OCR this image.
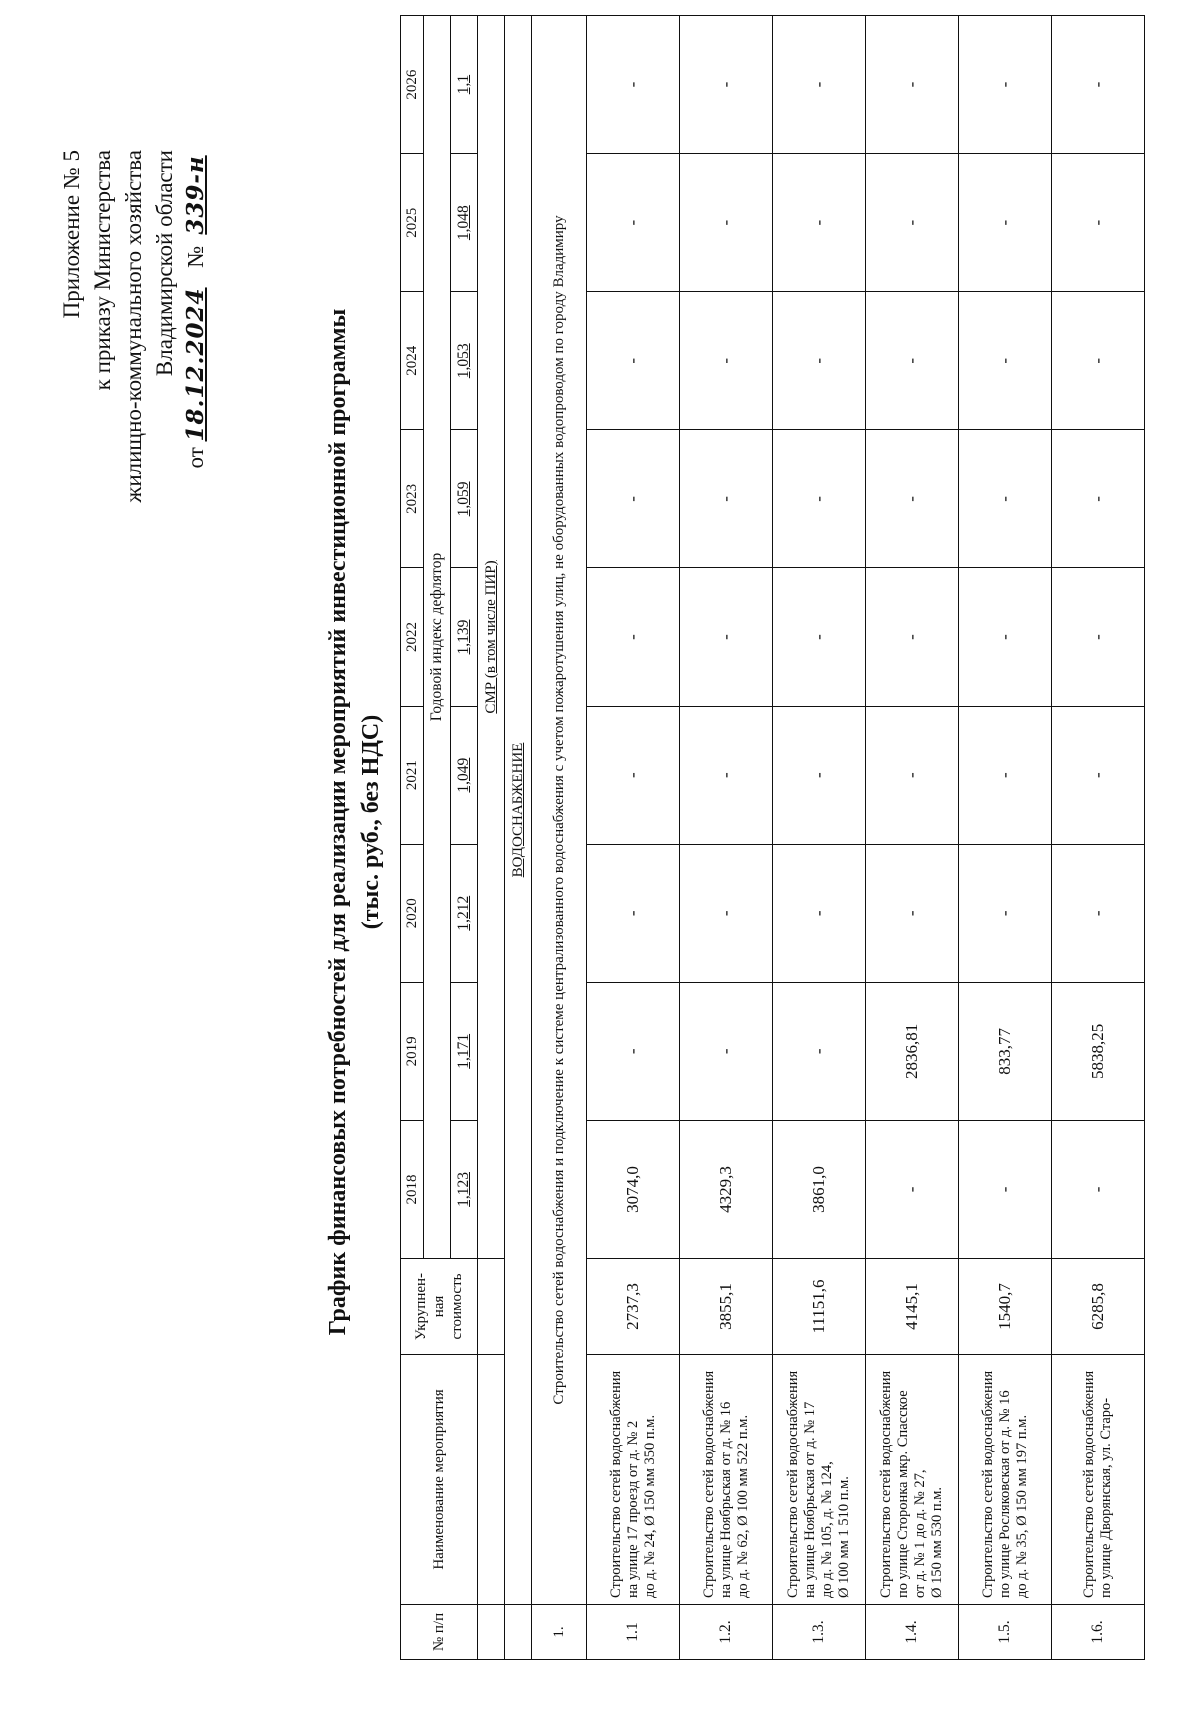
Приложение № 5 к приказу Министерства жилищно-коммунального хозяйства Владимирской области
от 18.12.2024 № 339-н
График финансовых потребностей для реализации мероприятий инвестиционной программы (тыс. руб., без НДС)
№ п/п	Наименование мероприятия	Укрупнен-ная стоимость	2018	2019	2020	2021	2022	2023	2024	2025	2026
			Годовой индекс дефлятор								
			1,123	1,171	1,212	1,049	1,139	1,059	1,053	1,048	1,1
			СМР (в том числе ПИР)								
	ВОДОСНАБЖЕНИЕ										
1.	Строительство сетей водоснабжения и подключение к системе централизованного водоснабжения с учетом пожаротушения улиц, не оборудованных водопроводом по городу Владимиру										
1.1	Строительство сетей водоснабжения на улице 17 проезд от д. № 2 до д. № 24, Ø 150 мм 350 п.м.	2737,3	3074,0	-	-	-	-	-	-	-	-
1.2.	Строительство сетей водоснабжения на улице Ноябрьская от д. № 16 до д. № 62, Ø 100 мм 522 п.м.	3855,1	4329,3	-	-	-	-	-	-	-	-
1.3.	Строительство сетей водоснабжения на улице Ноябрьская от д. № 17 до д. № 105, д. № 124, Ø 100 мм 1 510 п.м.	11151,6	3861,0	-	-	-	-	-	-	-	-
1.4.	Строительство сетей водоснабжения по улице Сторонка мкр. Спасское от д. № 1 до д. № 27, Ø 150 мм 530 п.м.	4145,1	-	2836,81	-	-	-	-	-	-	-
1.5.	Строительство сетей водоснабжения по улице Росляковская от д. № 16 до д. № 35, Ø 150 мм 197 п.м.	1540,7	-	833,77	-	-	-	-	-	-	-
1.6.	Строительство сетей водоснабжения по улице Дворянская, ул. Старо-	6285,8	-	5838,25	-	-	-	-	-	-	-
